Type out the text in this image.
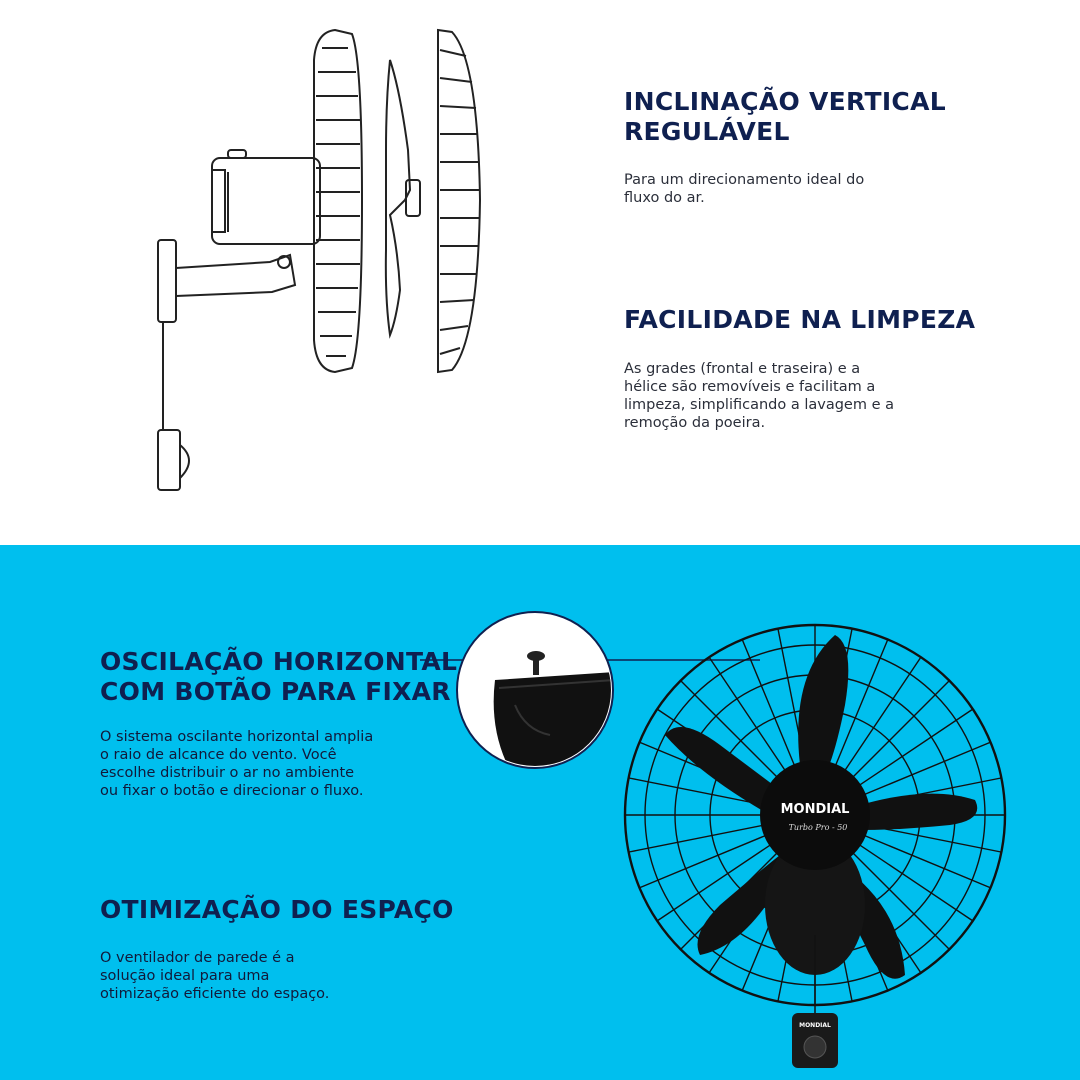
INCLINAÇÃO VERTICAL
REGULÁVEL

Para um direcionamento ideal do
fluxo do ar.

FACILIDADE NA LIMPEZA

As grades (frontal e traseira) e a
hélice são removíveis e facilitam a
limpeza, simplificando a lavagem e a
remoção da poeira.

OSCILAÇÃO HORIZONTAL
COM BOTÃO PARA FIXAR

O sistema oscilante horizontal amplia
o raio de alcance do vento. Você
escolhe distribuir o ar no ambiente
ou fixar o botão e direcionar o fluxo.

OTIMIZAÇÃO DO ESPAÇO

O ventilador de parede é a
solução ideal para uma
otimização eficiente do espaço.

MONDIAL
Turbo Pro - 50
MONDIAL
